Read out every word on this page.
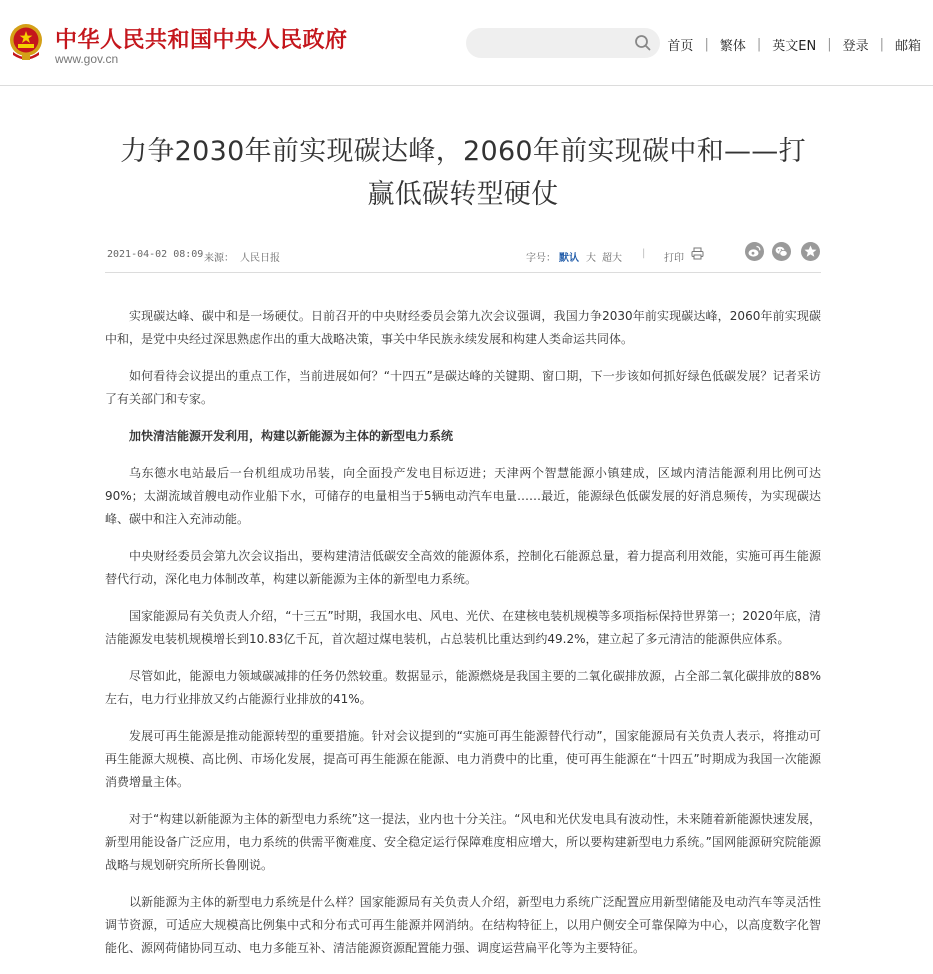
中华人民共和国中央人民政府
www.gov.cn
首页 | 繁体 | 英文EN | 登录 | 邮箱
力争2030年前实现碳达峰，2060年前实现碳中和——打
赢低碳转型硬仗
2021-04-02 08:09 来源： 人民日报	字号： 默认 大 超大 | 打印

实现碳达峰、碳中和是一场硬仗。日前召开的中央财经委员会第九次会议强调，我国力争2030年前实现碳达峰，2060年前实现碳中和，是党中央经过深思熟虑作出的重大战略决策，事关中华民族永续发展和构建人类命运共同体。

如何看待会议提出的重点工作，当前进展如何？“十四五”是碳达峰的关键期、窗口期，下一步该如何抓好绿色低碳发展？记者采访了有关部门和专家。

加快清洁能源开发利用，构建以新能源为主体的新型电力系统

乌东德水电站最后一台机组成功吊装，向全面投产发电目标迈进；天津两个智慧能源小镇建成，区域内清洁能源利用比例可达90%；太湖流域首艘电动作业船下水，可储存的电量相当于5辆电动汽车电量……最近，能源绿色低碳发展的好消息频传，为实现碳达峰、碳中和注入充沛动能。

中央财经委员会第九次会议指出，要构建清洁低碳安全高效的能源体系，控制化石能源总量，着力提高利用效能，实施可再生能源替代行动，深化电力体制改革，构建以新能源为主体的新型电力系统。

国家能源局有关负责人介绍，“十三五”时期，我国水电、风电、光伏、在建核电装机规模等多项指标保持世界第一；2020年底，清洁能源发电装机规模增长到10.83亿千瓦，首次超过煤电装机，占总装机比重达到约49.2%，建立起了多元清洁的能源供应体系。

尽管如此，能源电力领域碳减排的任务仍然较重。数据显示，能源燃烧是我国主要的二氧化碳排放源，占全部二氧化碳排放的88%左右，电力行业排放又约占能源行业排放的41%。

发展可再生能源是推动能源转型的重要措施。针对会议提到的“实施可再生能源替代行动”，国家能源局有关负责人表示，将推动可再生能源大规模、高比例、市场化发展，提高可再生能源在能源、电力消费中的比重，使可再生能源在“十四五”时期成为我国一次能源消费增量主体。

对于“构建以新能源为主体的新型电力系统”这一提法，业内也十分关注。“风电和光伏发电具有波动性，未来随着新能源快速发展，新型用能设备广泛应用，电力系统的供需平衡难度、安全稳定运行保障难度相应增大，所以要构建新型电力系统。”国网能源研究院能源战略与规划研究所所长鲁刚说。

以新能源为主体的新型电力系统是什么样？国家能源局有关负责人介绍，新型电力系统广泛配置应用新型储能及电动汽车等灵活性调节资源，可适应大规模高比例集中式和分布式可再生能源并网消纳。在结构特征上，以用户侧安全可靠保障为中心，以高度数字化智能化、源网荷储协同互动、电力多能互补、清洁能源资源配置能力强、调度运营扁平化等为主要特征。
